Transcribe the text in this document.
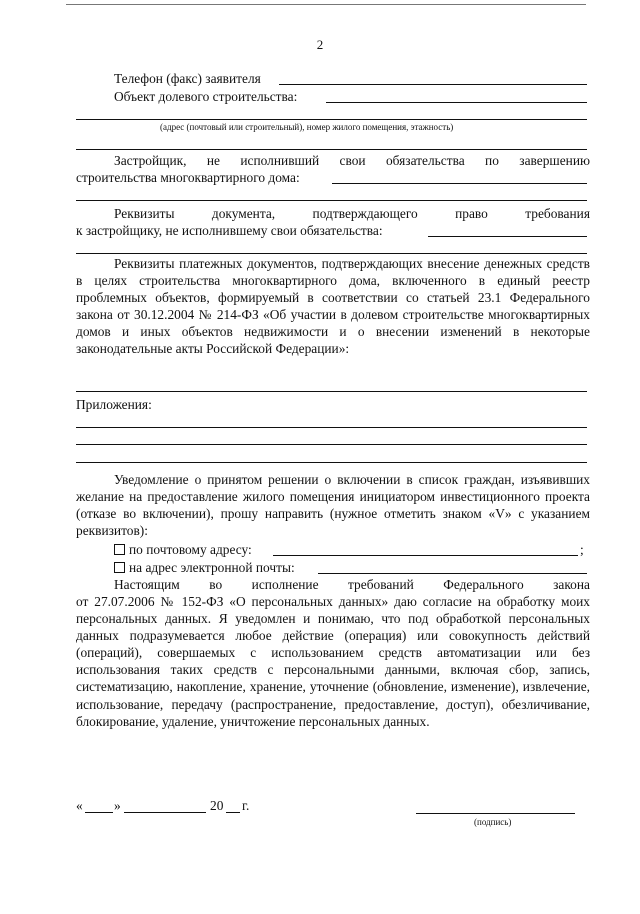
2
Телефон (факс) заявителя
Объект долевого строительства:
(адрес (почтовый или строительный), номер жилого помещения, этажность)
Застройщик, не исполнивший свои обязательства по завершению
строительства многоквартирного дома:
Реквизиты документа, подтверждающего право требования
к застройщику, не исполнившему свои обязательства:
Реквизиты платежных документов, подтверждающих внесение денежных средств в целях строительства многоквартирного дома, включенного в единый реестр проблемных объектов, формируемый в соответствии со статьей 23.1 Федерального закона от 30.12.2004 № 214-ФЗ «Об участии в долевом строительстве многоквартирных домов и иных объектов недвижимости и о внесении изменений в некоторые законодательные акты Российской Федерации»:
Приложения:
Уведомление о принятом решении о включении в список граждан, изъявивших желание на предоставление жилого помещения инициатором инвестиционного проекта (отказе во включении), прошу направить (нужное отметить знаком «V» с указанием реквизитов):
по почтовому адресу:	;
на адрес электронной почты:
Настоящим во исполнение требований Федерального закона
от 27.07.2006 № 152-ФЗ «О персональных данных» даю согласие на обработку моих персональных данных. Я уведомлен и понимаю, что под обработкой персональных данных подразумевается любое действие (операция) или совокупность действий (операций), совершаемых с использованием средств автоматизации или без использования таких средств с персональными данными, включая сбор, запись, систематизацию, накопление, хранение, уточнение (обновление, изменение), извлечение, использование, передачу (распространение, предоставление, доступ), обезличивание, блокирование, удаление, уничтожение персональных данных.
« »	20 г.
(подпись)
